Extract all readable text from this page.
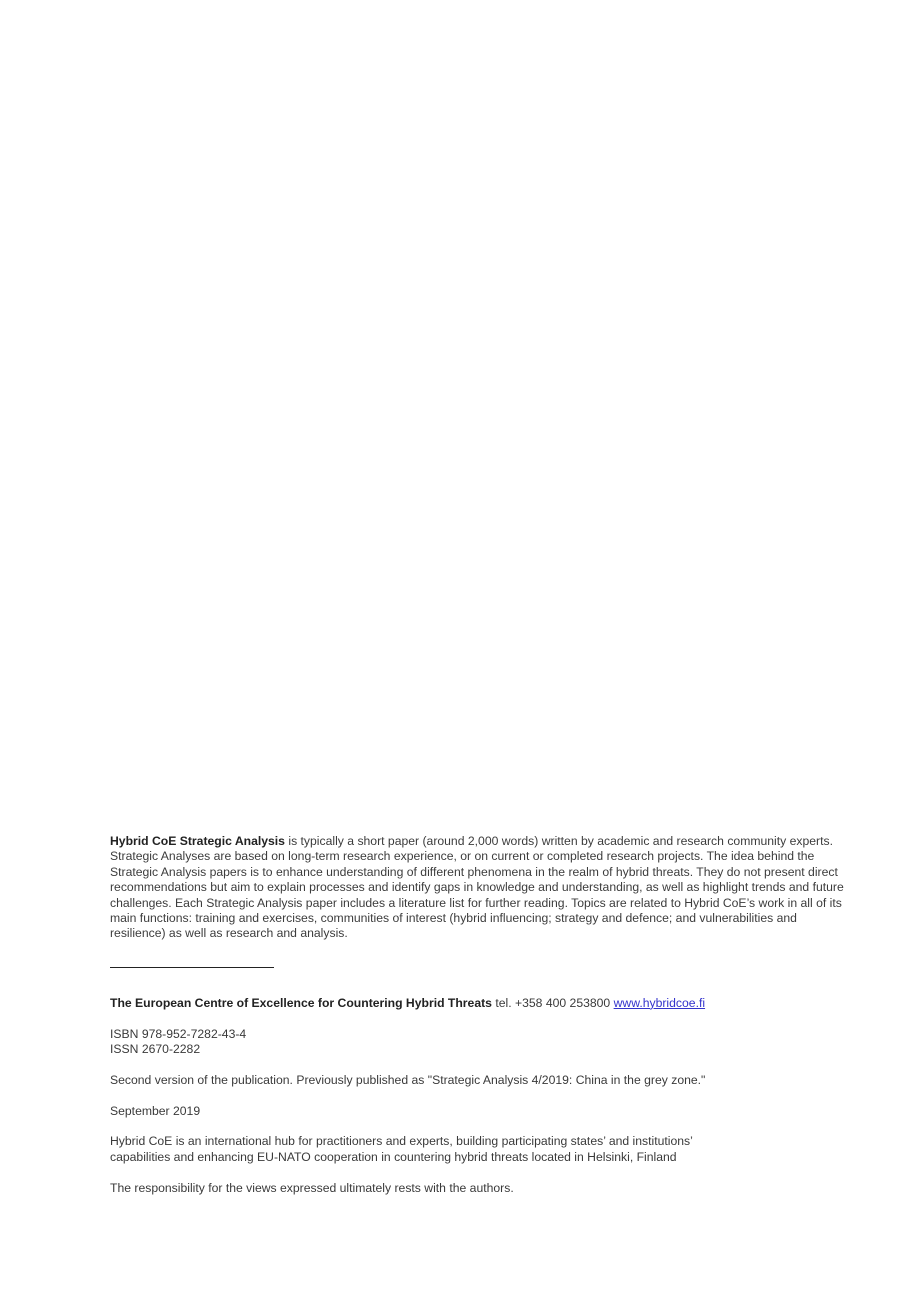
Hybrid CoE Strategic Analysis is typically a short paper (around 2,000 words) written by academic and research community experts. Strategic Analyses are based on long-term research experience, or on current or completed research projects. The idea behind the Strategic Analysis papers is to enhance understanding of different phenomena in the realm of hybrid threats. They do not present direct recommendations but aim to explain processes and identify gaps in knowledge and understanding, as well as highlight trends and future challenges. Each Strategic Analysis paper includes a literature list for further reading. Topics are related to Hybrid CoE’s work in all of its main functions: training and exercises, communities of interest (hybrid influencing; strategy and defence; and vulnerabilities and resilience) as well as research and analysis.

The European Centre of Excellence for Countering Hybrid Threats tel. +358 400 253800 www.hybridcoe.fi
ISBN 978-952-7282-43-4
ISSN 2670-2282
Second version of the publication. Previously published as "Strategic Analysis 4/2019: China in the grey zone."
September 2019
Hybrid CoE is an international hub for practitioners and experts, building participating states’ and institutions’
capabilities and enhancing EU-NATO cooperation in countering hybrid threats located in Helsinki, Finland
The responsibility for the views expressed ultimately rests with the authors.
